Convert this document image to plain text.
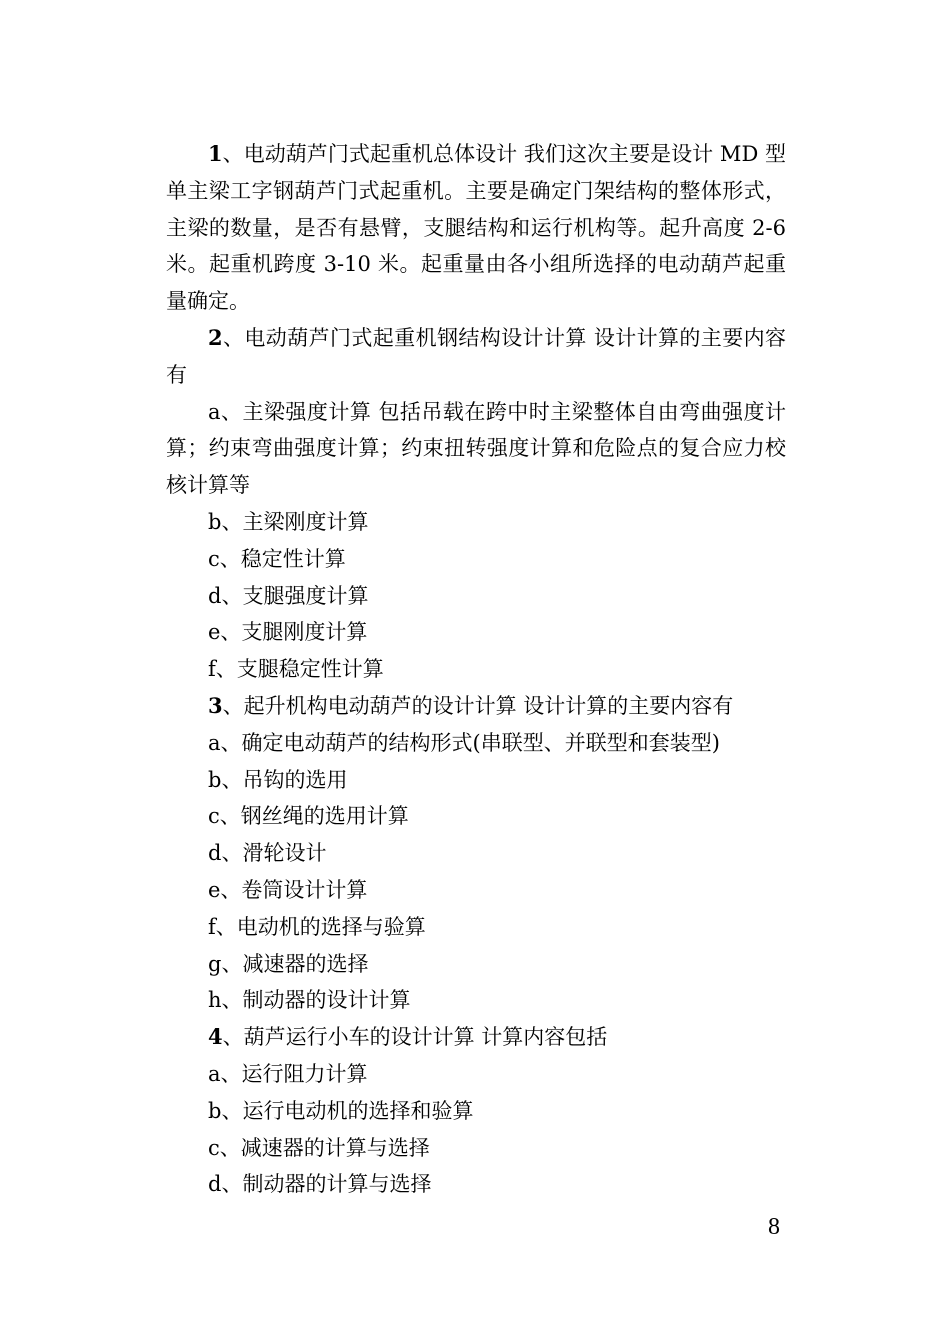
1、电动葫芦门式起重机总体设计 我们这次主要是设计 MD 型单主梁工字钢葫芦门式起重机。主要是确定门架结构的整体形式，主梁的数量，是否有悬臂，支腿结构和运行机构等。起升高度 2-6 米。起重机跨度 3-10 米。起重量由各小组所选择的电动葫芦起重量确定。

2、电动葫芦门式起重机钢结构设计计算 设计计算的主要内容有

a、主梁强度计算 包括吊载在跨中时主梁整体自由弯曲强度计算；约束弯曲强度计算；约束扭转强度计算和危险点的复合应力校核计算等

b、主梁刚度计算

c、稳定性计算

d、支腿强度计算

e、支腿刚度计算

f、支腿稳定性计算

3、起升机构电动葫芦的设计计算 设计计算的主要内容有

a、确定电动葫芦的结构形式(串联型、并联型和套装型)

b、吊钩的选用

c、钢丝绳的选用计算

d、滑轮设计

e、卷筒设计计算

f、电动机的选择与验算

g、减速器的选择

h、制动器的设计计算

4、葫芦运行小车的设计计算 计算内容包括

a、运行阻力计算

b、运行电动机的选择和验算

c、减速器的计算与选择

d、制动器的计算与选择

8
